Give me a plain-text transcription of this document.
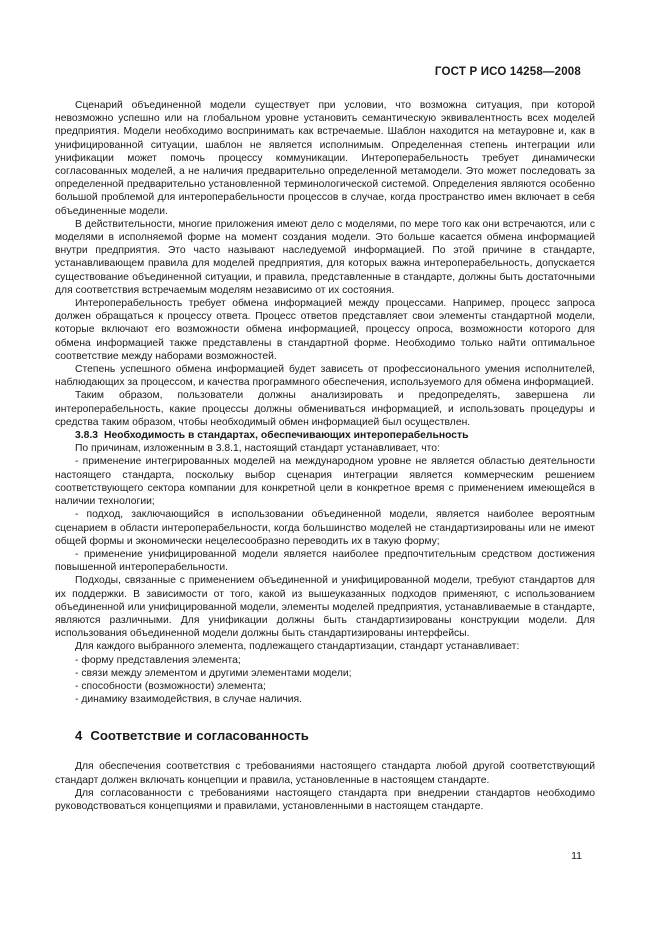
ГОСТ Р ИСО 14258—2008

Сценарий объединенной модели существует при условии, что возможна ситуация, при которой невозможно успешно или на глобальном уровне установить семантическую эквивалентность всех моделей предприятия. Модели необходимо воспринимать как встречаемые. Шаблон находится на метауровне и, как в унифицированной ситуации, шаблон не является исполнимым. Определенная степень интеграции или унификации может помочь процессу коммуникации. Интероперабельность требует динамически согласованных моделей, а не наличия предварительно определенной метамодели. Это может последовать за определенной предварительно установленной терминологической системой. Определения являются особенно большой проблемой для интероперабельности процессов в случае, когда пространство имен включает в себя объединенные модели.

В действительности, многие приложения имеют дело с моделями, по мере того как они встречаются, или с моделями в исполняемой форме на момент создания модели. Это больше касается обмена информацией внутри предприятия. Это часто называют наследуемой информацией. По этой причине в стандарте, устанавливающем правила для моделей предприятия, для которых важна интероперабельность, допускается существование объединенной ситуации, и правила, представленные в стандарте, должны быть достаточными для соответствия встречаемым моделям независимо от их состояния.

Интероперабельность требует обмена информацией между процессами. Например, процесс запроса должен обращаться к процессу ответа. Процесс ответов представляет свои элементы стандартной модели, которые включают его возможности обмена информацией, процессу опроса, возможности которого для обмена информацией также представлены в стандартной форме. Необходимо только найти оптимальное соответствие между наборами возможностей.

Степень успешного обмена информацией будет зависеть от профессионального умения исполнителей, наблюдающих за процессом, и качества программного обеспечения, используемого для обмена информацией.

Таким образом, пользователи должны анализировать и предопределять, завершена ли интероперабельность, какие процессы должны обмениваться информацией, и использовать процедуры и средства таким образом, чтобы необходимый обмен информацией был осуществлен.

3.8.3 Необходимость в стандартах, обеспечивающих интероперабельность

По причинам, изложенным в 3.8.1, настоящий стандарт устанавливает, что:

- применение интегрированных моделей на международном уровне не является областью деятельности настоящего стандарта, поскольку выбор сценария интеграции является коммерческим решением соответствующего сектора компании для конкретной цели в конкретное время с применением имеющейся в наличии технологии;

- подход, заключающийся в использовании объединенной модели, является наиболее вероятным сценарием в области интероперабельности, когда большинство моделей не стандартизированы или не имеют общей формы и экономически нецелесообразно переводить их в такую форму;

- применение унифицированной модели является наиболее предпочтительным средством достижения повышенной интероперабельности.

Подходы, связанные с применением объединенной и унифицированной модели, требуют стандартов для их поддержки. В зависимости от того, какой из вышеуказанных подходов применяют, с использованием объединенной или унифицированной модели, элементы моделей предприятия, устанавливаемые в стандарте, являются различными. Для унификации должны быть стандартизированы конструкции модели. Для использования объединенной модели должны быть стандартизированы интерфейсы.

Для каждого выбранного элемента, подлежащего стандартизации, стандарт устанавливает:

- форму представления элемента;

- связи между элементом и другими элементами модели;

- способности (возможности) элемента;

- динамику взаимодействия, в случае наличия.

4 Соответствие и согласованность

Для обеспечения соответствия с требованиями настоящего стандарта любой другой соответствующий стандарт должен включать концепции и правила, установленные в настоящем стандарте.

Для согласованности с требованиями настоящего стандарта при внедрении стандартов необходимо руководствоваться концепциями и правилами, установленными в настоящем стандарте.

11
